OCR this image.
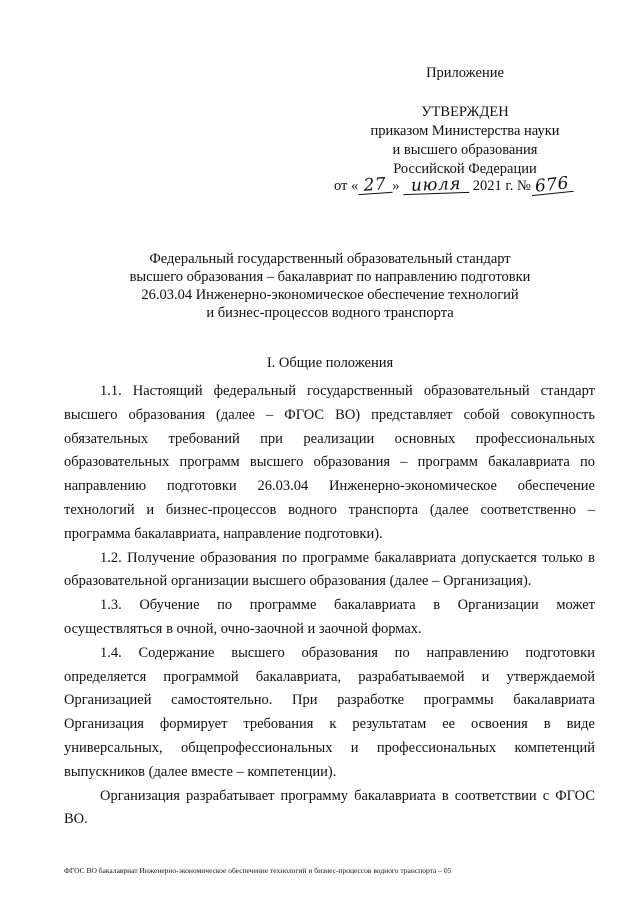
Приложение
УТВЕРЖДЕН
приказом Министерства науки
и высшего образования
Российской Федерации
от « 27 » июля 2021 г. № 676
Федеральный государственный образовательный стандарт
высшего образования – бакалавриат по направлению подготовки
26.03.04 Инженерно-экономическое обеспечение технологий
и бизнес-процессов водного транспорта
I. Общие положения

1.1. Настоящий федеральный государственный образовательный стандарт высшего образования (далее – ФГОС ВО) представляет собой совокупность обязательных требований при реализации основных профессиональных образовательных программ высшего образования – программ бакалавриата по направлению подготовки 26.03.04 Инженерно-экономическое обеспечение технологий и бизнес-процессов водного транспорта (далее соответственно – программа бакалавриата, направление подготовки).

1.2. Получение образования по программе бакалавриата допускается только в образовательной организации высшего образования (далее – Организация).

1.3. Обучение по программе бакалавриата в Организации может осуществляться в очной, очно-заочной и заочной формах.

1.4. Содержание высшего образования по направлению подготовки определяется программой бакалавриата, разрабатываемой и утверждаемой Организацией самостоятельно. При разработке программы бакалавриата Организация формирует требования к результатам ее освоения в виде универсальных, общепрофессиональных и профессиональных компетенций выпускников (далее вместе – компетенции).

Организация разрабатывает программу бакалавриата в соответствии с ФГОС ВО.

ФГОС ВО бакалавриат Инженерно-экономическое обеспечение технологий и бизнес-процессов водного транспорта – 05
